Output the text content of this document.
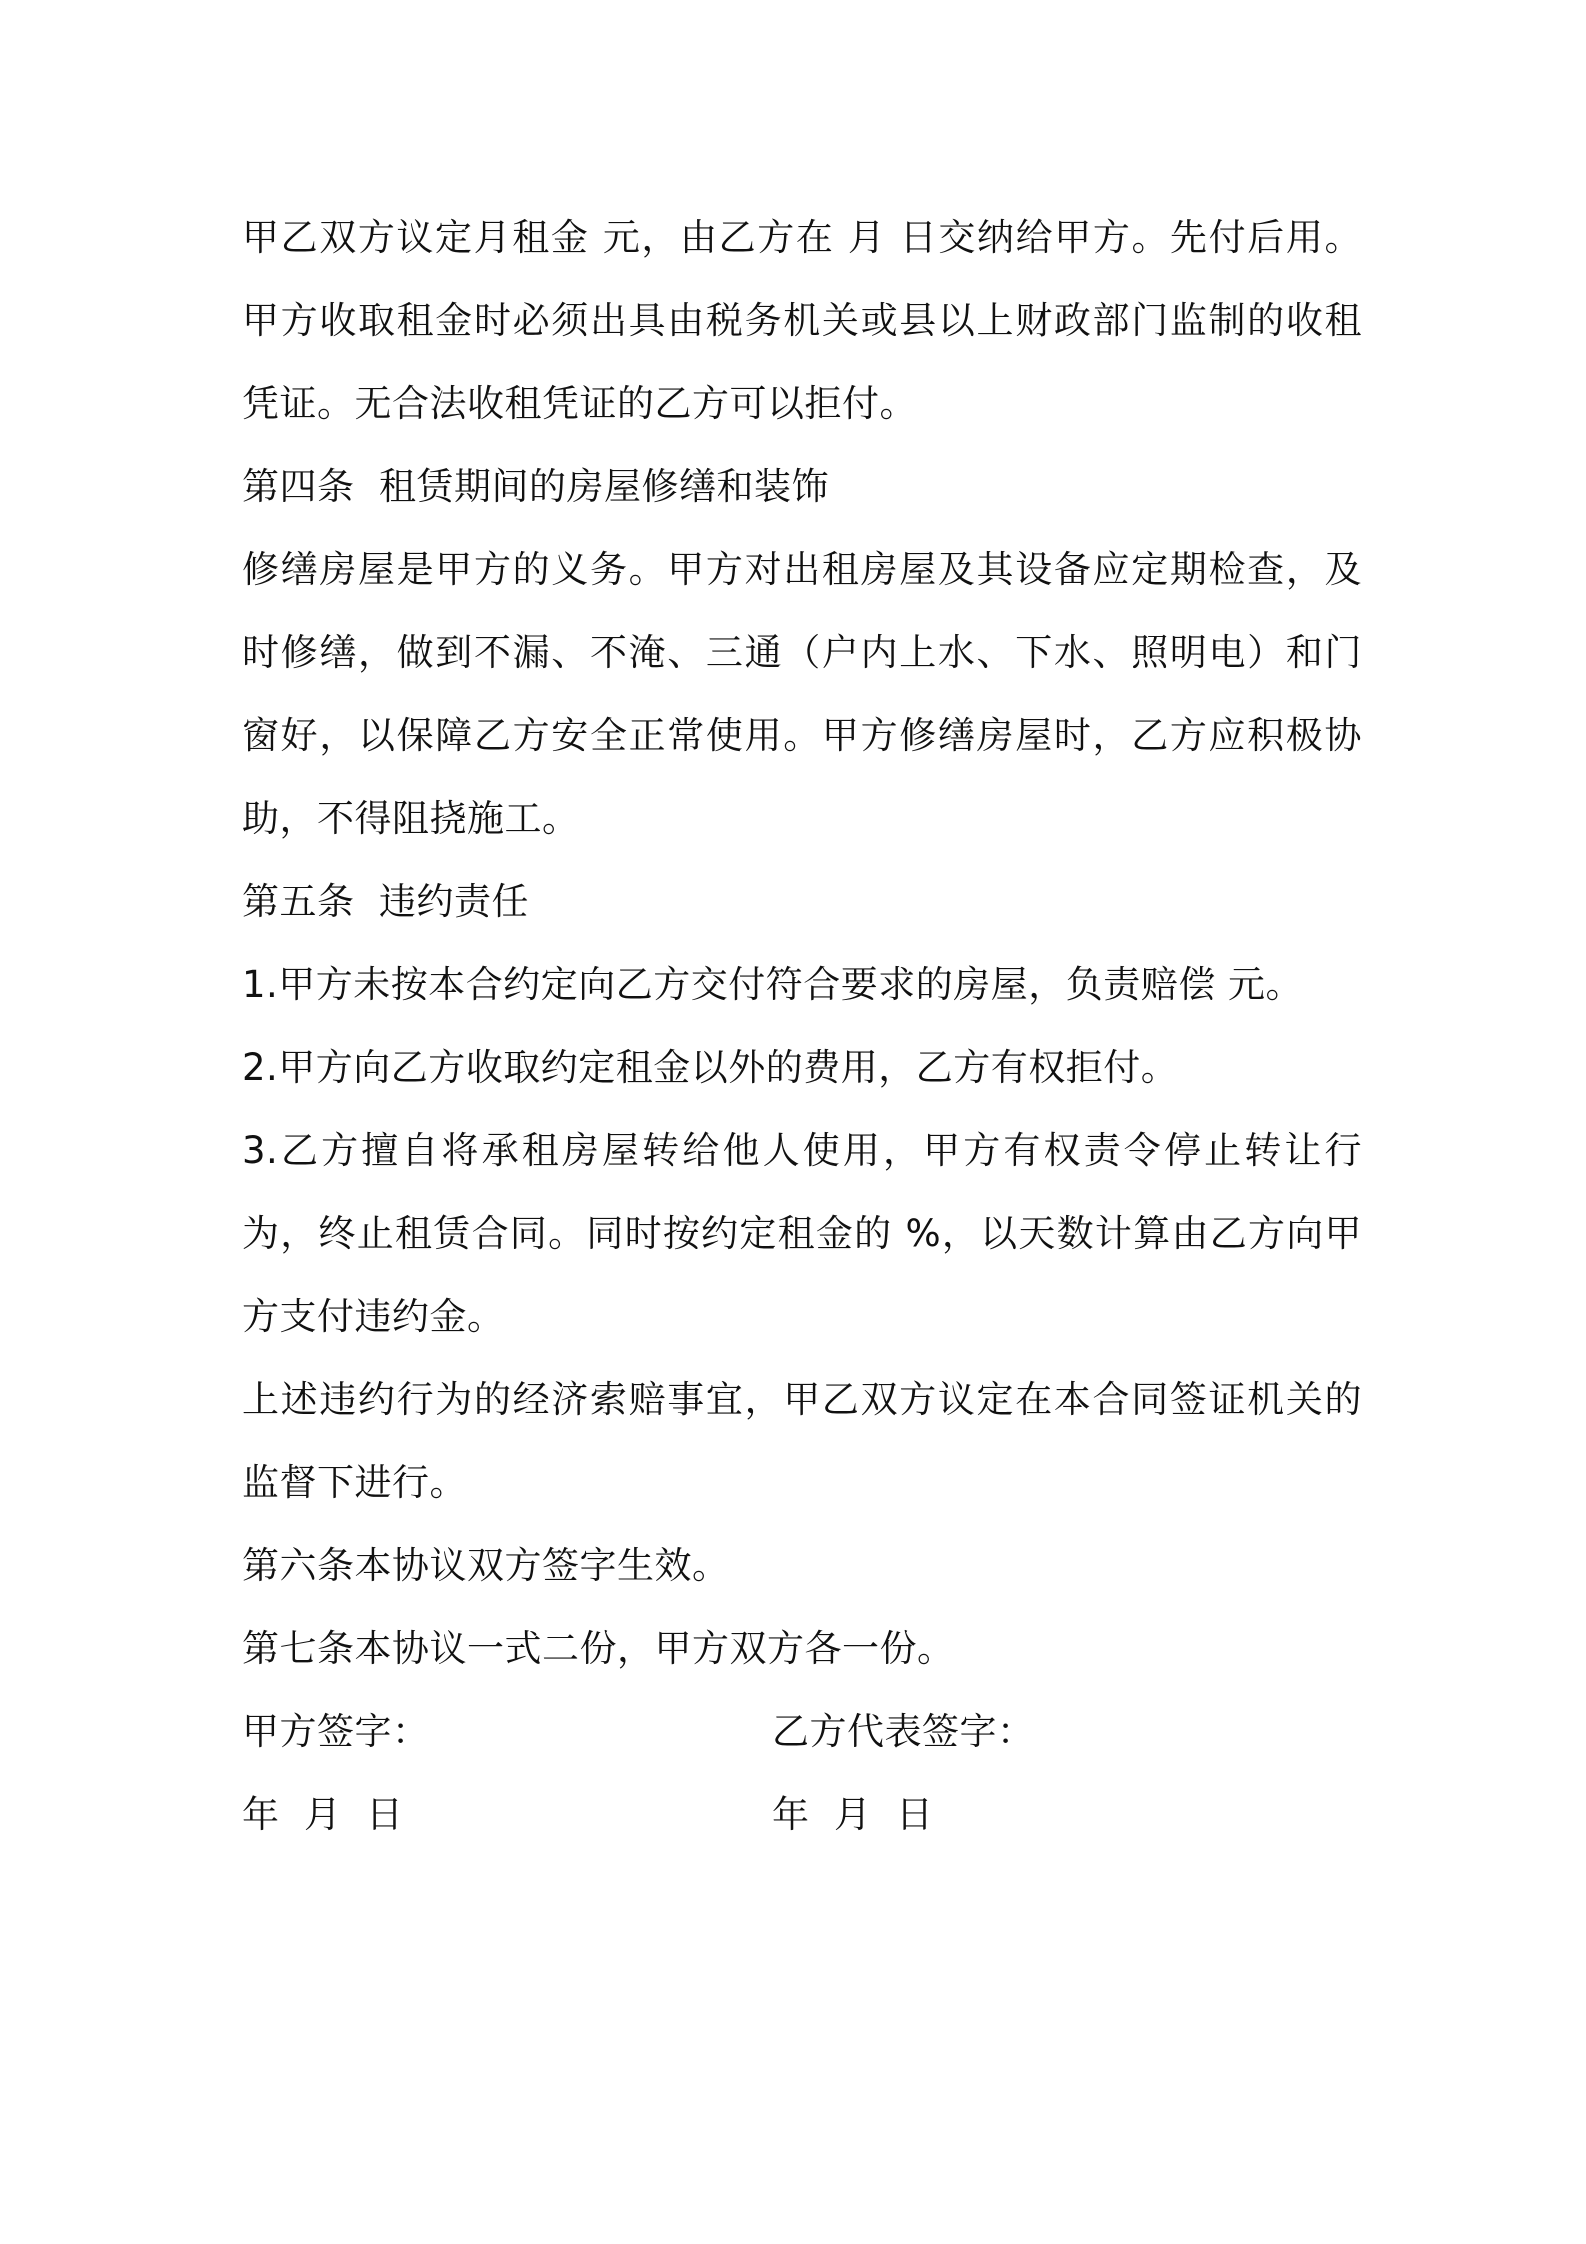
甲乙双方议定月租金 元，由乙方在 月 日交纳给甲方。先付后用。甲方收取租金时必须出具由税务机关或县以上财政部门监制的收租凭证。无合法收租凭证的乙方可以拒付。

第四条  租赁期间的房屋修缮和装饰

修缮房屋是甲方的义务。甲方对出租房屋及其设备应定期检查，及时修缮，做到不漏、不淹、三通（户内上水、下水、照明电）和门窗好，以保障乙方安全正常使用。甲方修缮房屋时，乙方应积极协助，不得阻挠施工。

第五条  违约责任

1.甲方未按本合约定向乙方交付符合要求的房屋，负责赔偿 元。

2.甲方向乙方收取约定租金以外的费用，乙方有权拒付。

3.乙方擅自将承租房屋转给他人使用，甲方有权责令停止转让行为，终止租赁合同。同时按约定租金的 %，以天数计算由乙方向甲方支付违约金。

上述违约行为的经济索赔事宜，甲乙双方议定在本合同签证机关的监督下进行。

第六条本协议双方签字生效。

第七条本协议一式二份，甲方双方各一份。

甲方签字：	乙方代表签字：
年  月  日	年  月  日
